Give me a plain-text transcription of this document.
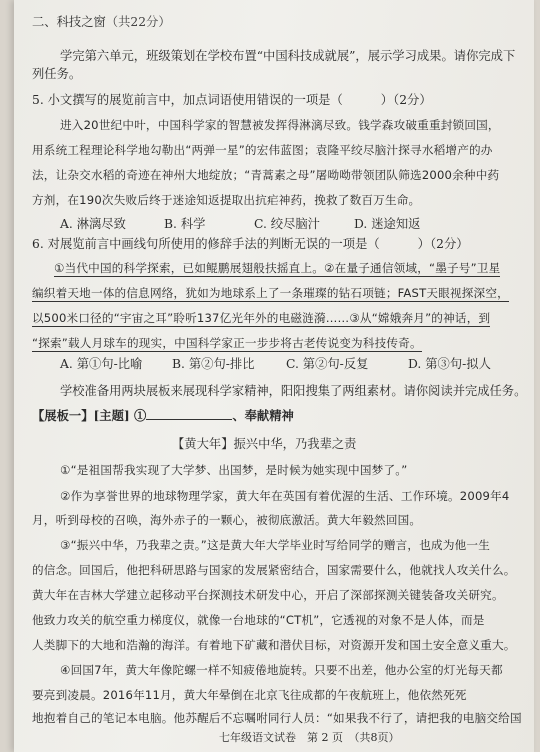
二、科技之窗（共22分）
学完第六单元，班级策划在学校布置“中国科技成就展”，展示学习成果。请你完成下
列任务。
5. 小文撰写的展览前言中，加点词语使用错误的一项是（	）（2分）
进入20世纪中叶，中国科学家的智慧被发挥得淋漓尽致。钱学森攻破重重封锁回国，
用系统工程理论科学地勾勒出“两弹一星”的宏伟蓝图；袁隆平绞尽脑汁探寻水稻增产的办
法，让杂交水稻的奇迹在神州大地绽放；“青蒿素之母”屠呦呦带领团队筛选2000余种中药
方剂，在190次失败后终于迷途知返提取出抗疟神药，挽救了数百万生命。
A. 淋漓尽致	B. 科学	C. 绞尽脑汁	D. 迷途知返
6. 对展览前言中画线句所使用的修辞手法的判断无误的一项是（	）（2分）
①当代中国的科学探索，已如鲲鹏展翅般扶摇直上。②在量子通信领域，“墨子号”卫星
编织着天地一体的信息网络，犹如为地球系上了一条璀璨的钻石项链；FAST天眼视探深空，
以500米口径的“宇宙之耳”聆听137亿光年外的电磁涟漪……③从“嫦娥奔月”的神话，到
“探索”载人月球车的现实，中国科学家正一步步将古老传说变为科技传奇。
A. 第①句-比喻 B. 第②句-排比	C. 第②句-反复	D. 第③句-拟人
学校准备用两块展板来展现科学家精神，阳阳搜集了两组素材。请你阅读并完成任务。
【展板一】[主题] ①	、奉献精神
【黄大年】振兴中华，乃我辈之责
①“是祖国帮我实现了大学梦、出国梦，是时候为她实现中国梦了。”
②作为享誉世界的地球物理学家，黄大年在英国有着优渥的生活、工作环境。2009年4
月，听到母校的召唤，海外赤子的一颗心，被彻底激活。黄大年毅然回国。
③“振兴中华，乃我辈之责。”这是黄大年大学毕业时写给同学的赠言，也成为他一生
的信念。回国后，他把科研思路与国家的发展紧密结合，国家需要什么，他就找人攻关什么。
黄大年在吉林大学建立起移动平台探测技术研发中心，开启了深部探测关键装备攻关研究。
他致力攻关的航空重力梯度仪，就像一台地球的“CT机”，它透视的对象不是人体，而是
人类脚下的大地和浩瀚的海洋。有着地下矿藏和潜伏目标，对资源开发和国土安全意义重大。
④回国7年，黄大年像陀螺一样不知疲倦地旋转。只要不出差，他办公室的灯光每天都
要亮到凌晨。2016年11月，黄大年晕倒在北京飞往成都的午夜航班上，他依然死死
地抱着自己的笔记本电脑。他苏醒后不忘嘱咐同行人员：“如果我不行了，请把我的电脑交给国
七年级语文试卷　第 2 页　（共8页）
